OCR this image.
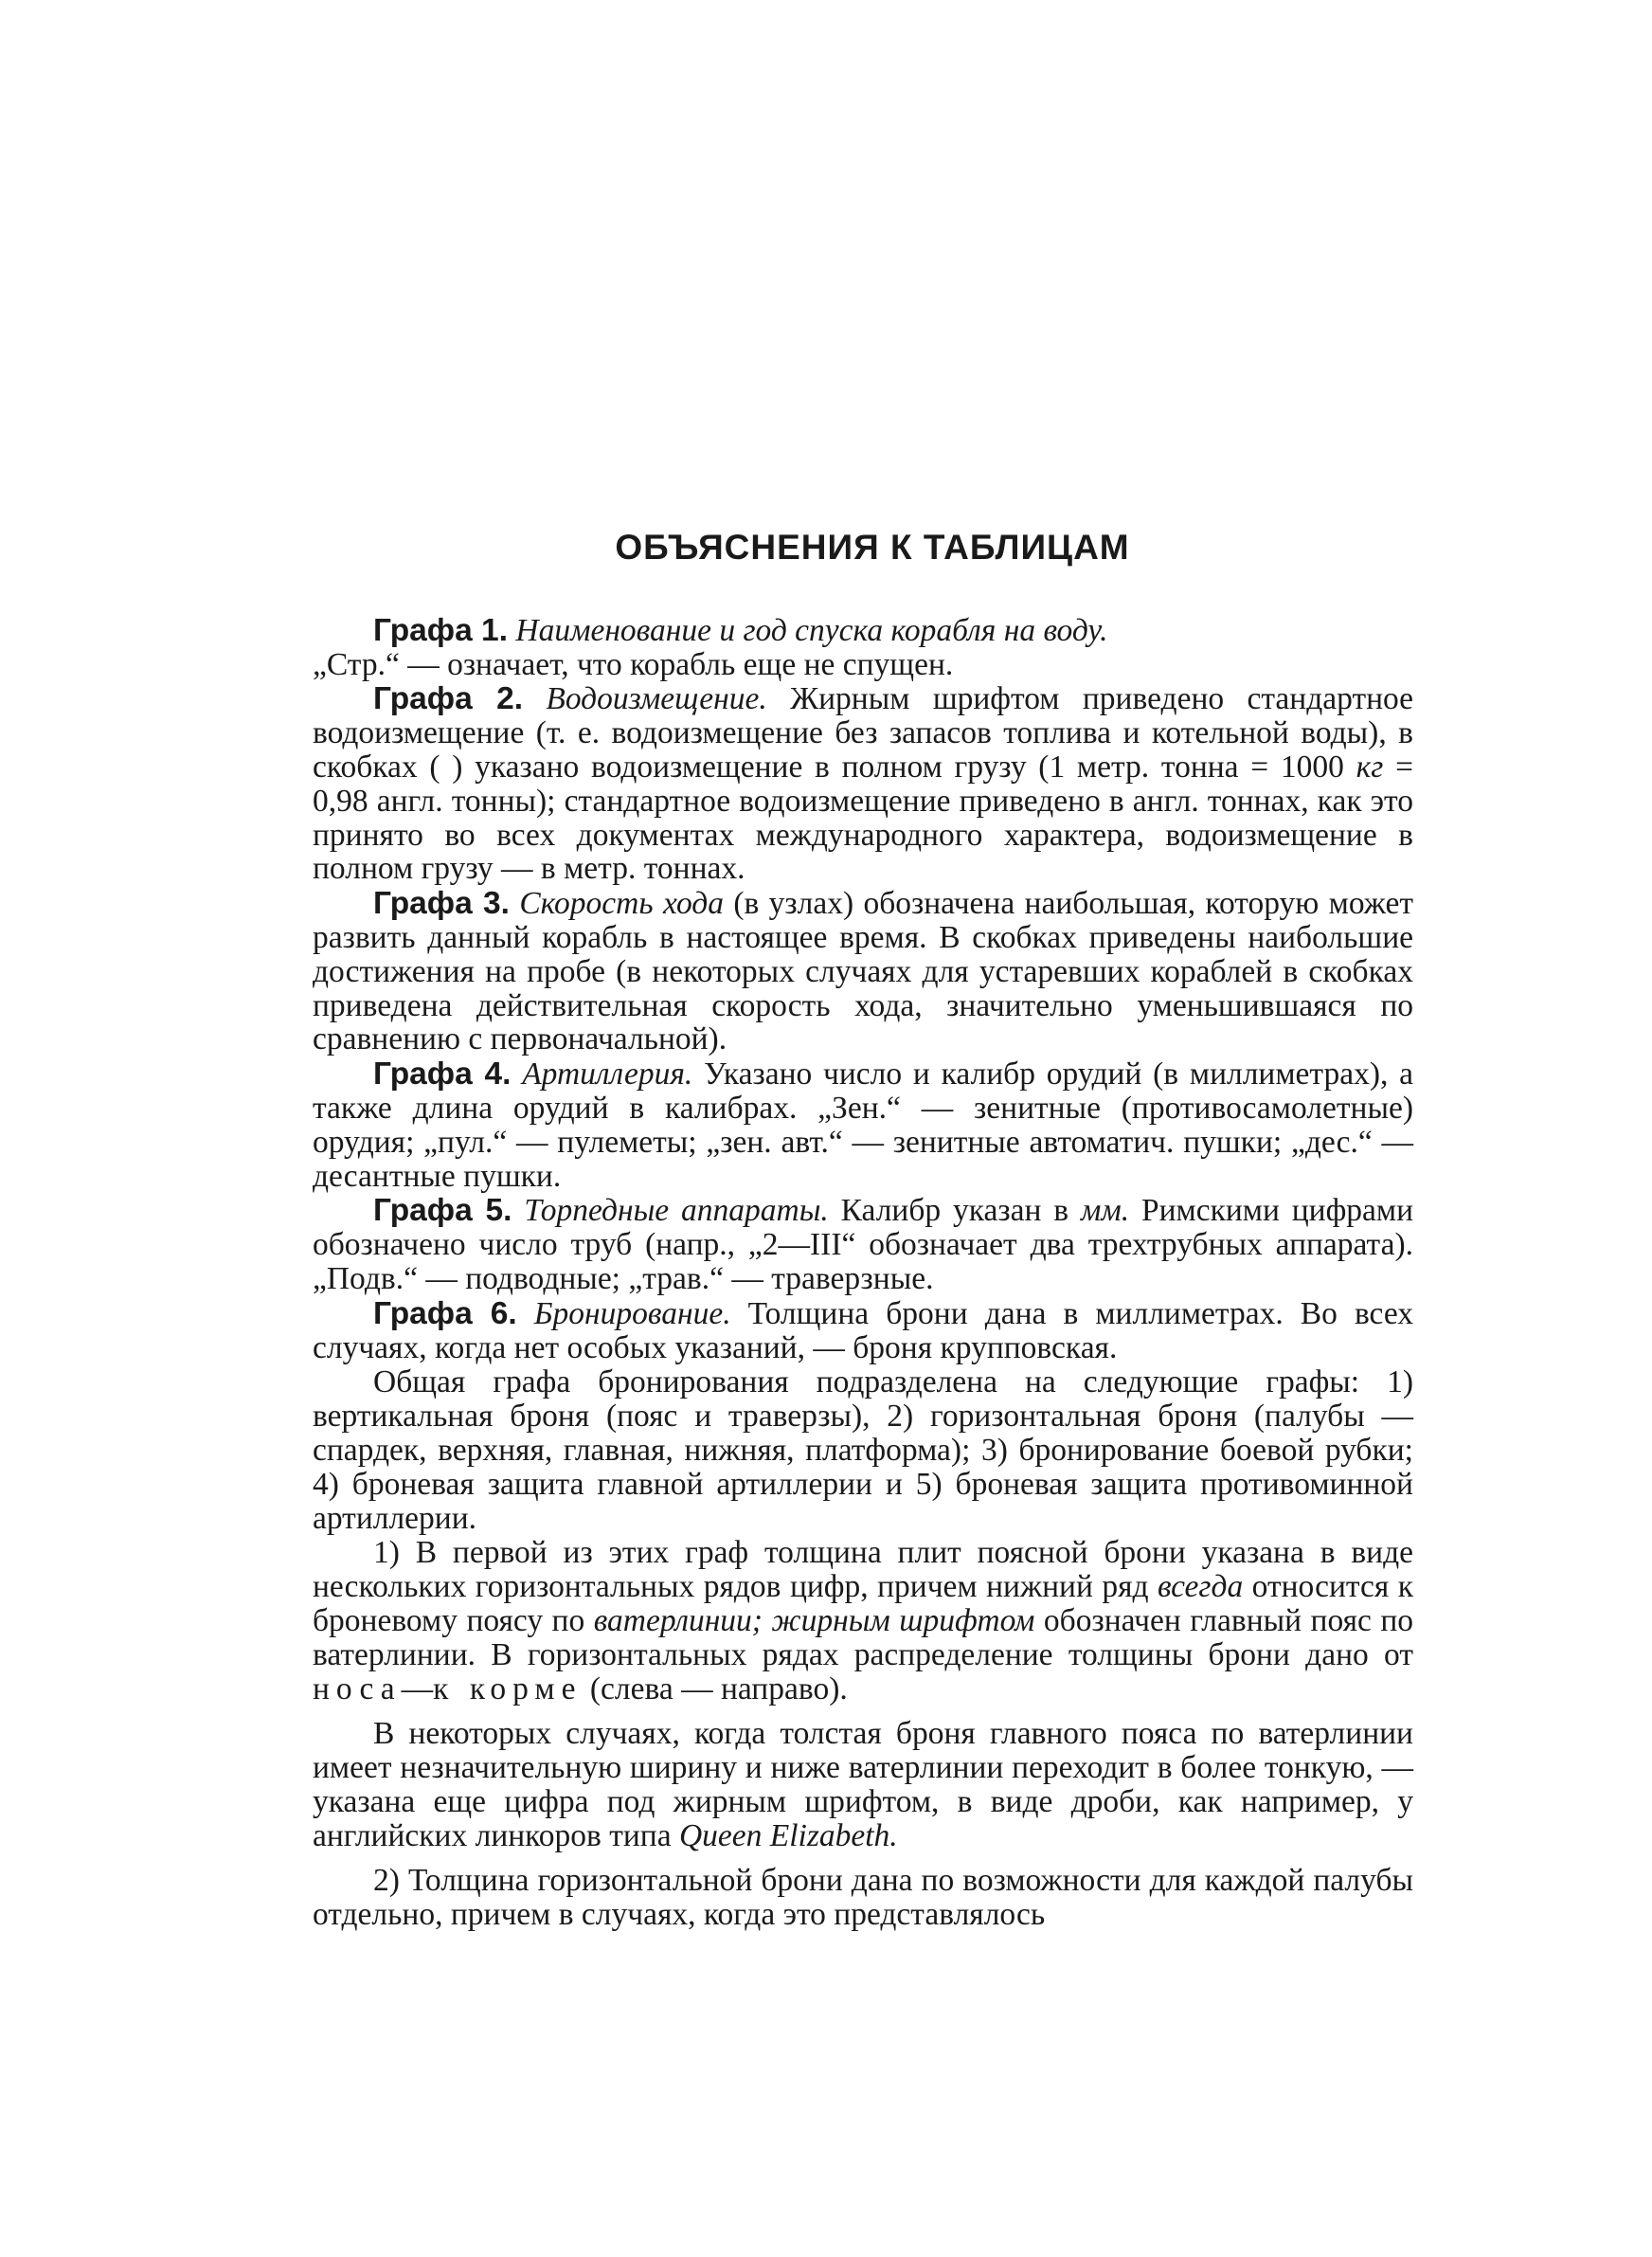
ОБЪЯСНЕНИЯ К ТАБЛИЦАМ

Графа 1. Наименование и год спуска корабля на воду.
„Стр.“ — означает, что корабль еще не спущен.

Графа 2. Водоизмещение. Жирным шрифтом приведено стандартное водоизмещение (т. е. водоизмещение без запасов топлива и котельной воды), в скобках ( ) указано водоизмещение в полном грузу (1 метр. тонна = 1000 кг = 0,98 англ. тонны); стандартное водоизмещение приведено в англ. тоннах, как это принято во всех документах международного характера, водоизмещение в полном грузу — в метр. тоннах.

Графа 3. Скорость хода (в узлах) обозначена наибольшая, которую может развить данный корабль в настоящее время. В скобках приведены наибольшие достижения на пробе (в некоторых случаях для устаревших кораблей в скобках приведена действительная скорость хода, значительно уменьшившаяся по сравнению с первоначальной).

Графа 4. Артиллерия. Указано число и калибр орудий (в миллиметрах), а также длина орудий в калибрах. „Зен.“ — зенитные (противосамолетные) орудия; „пул.“ — пулеметы; „зен. авт.“ — зенитные автоматич. пушки; „дес.“ — десантные пушки.

Графа 5. Торпедные аппараты. Калибр указан в мм. Римскими цифрами обозначено число труб (напр., „2—III“ обозначает два трехтрубных аппарата). „Подв.“ — подводные; „трав.“ — траверзные.

Графа 6. Бронирование. Толщина брони дана в миллиметрах. Во всех случаях, когда нет особых указаний, — броня крупповская.

Общая графа бронирования подразделена на следующие графы: 1) вертикальная броня (пояс и траверзы), 2) горизонтальная броня (палубы — спардек, верхняя, главная, нижняя, платформа); 3) бронирование боевой рубки; 4) броневая защита главной артиллерии и 5) броневая защита противоминной артиллерии.

1) В первой из этих граф толщина плит поясной брони указана в виде нескольких горизонтальных рядов цифр, причем нижний ряд всегда относится к броневому поясу по ватерлинии; жирным шрифтом обозначен главный пояс по ватерлинии. В горизонтальных рядах распределение толщины брони дано от носа—к корме (слева — направо).

В некоторых случаях, когда толстая броня главного пояса по ватерлинии имеет незначительную ширину и ниже ватерлинии переходит в более тонкую, — указана еще цифра под жирным шрифтом, в виде дроби, как например, у английских линкоров типа Queen Elizabeth.

2) Толщина горизонтальной брони дана по возможности для каждой палубы отдельно, причем в случаях, когда это представлялось
